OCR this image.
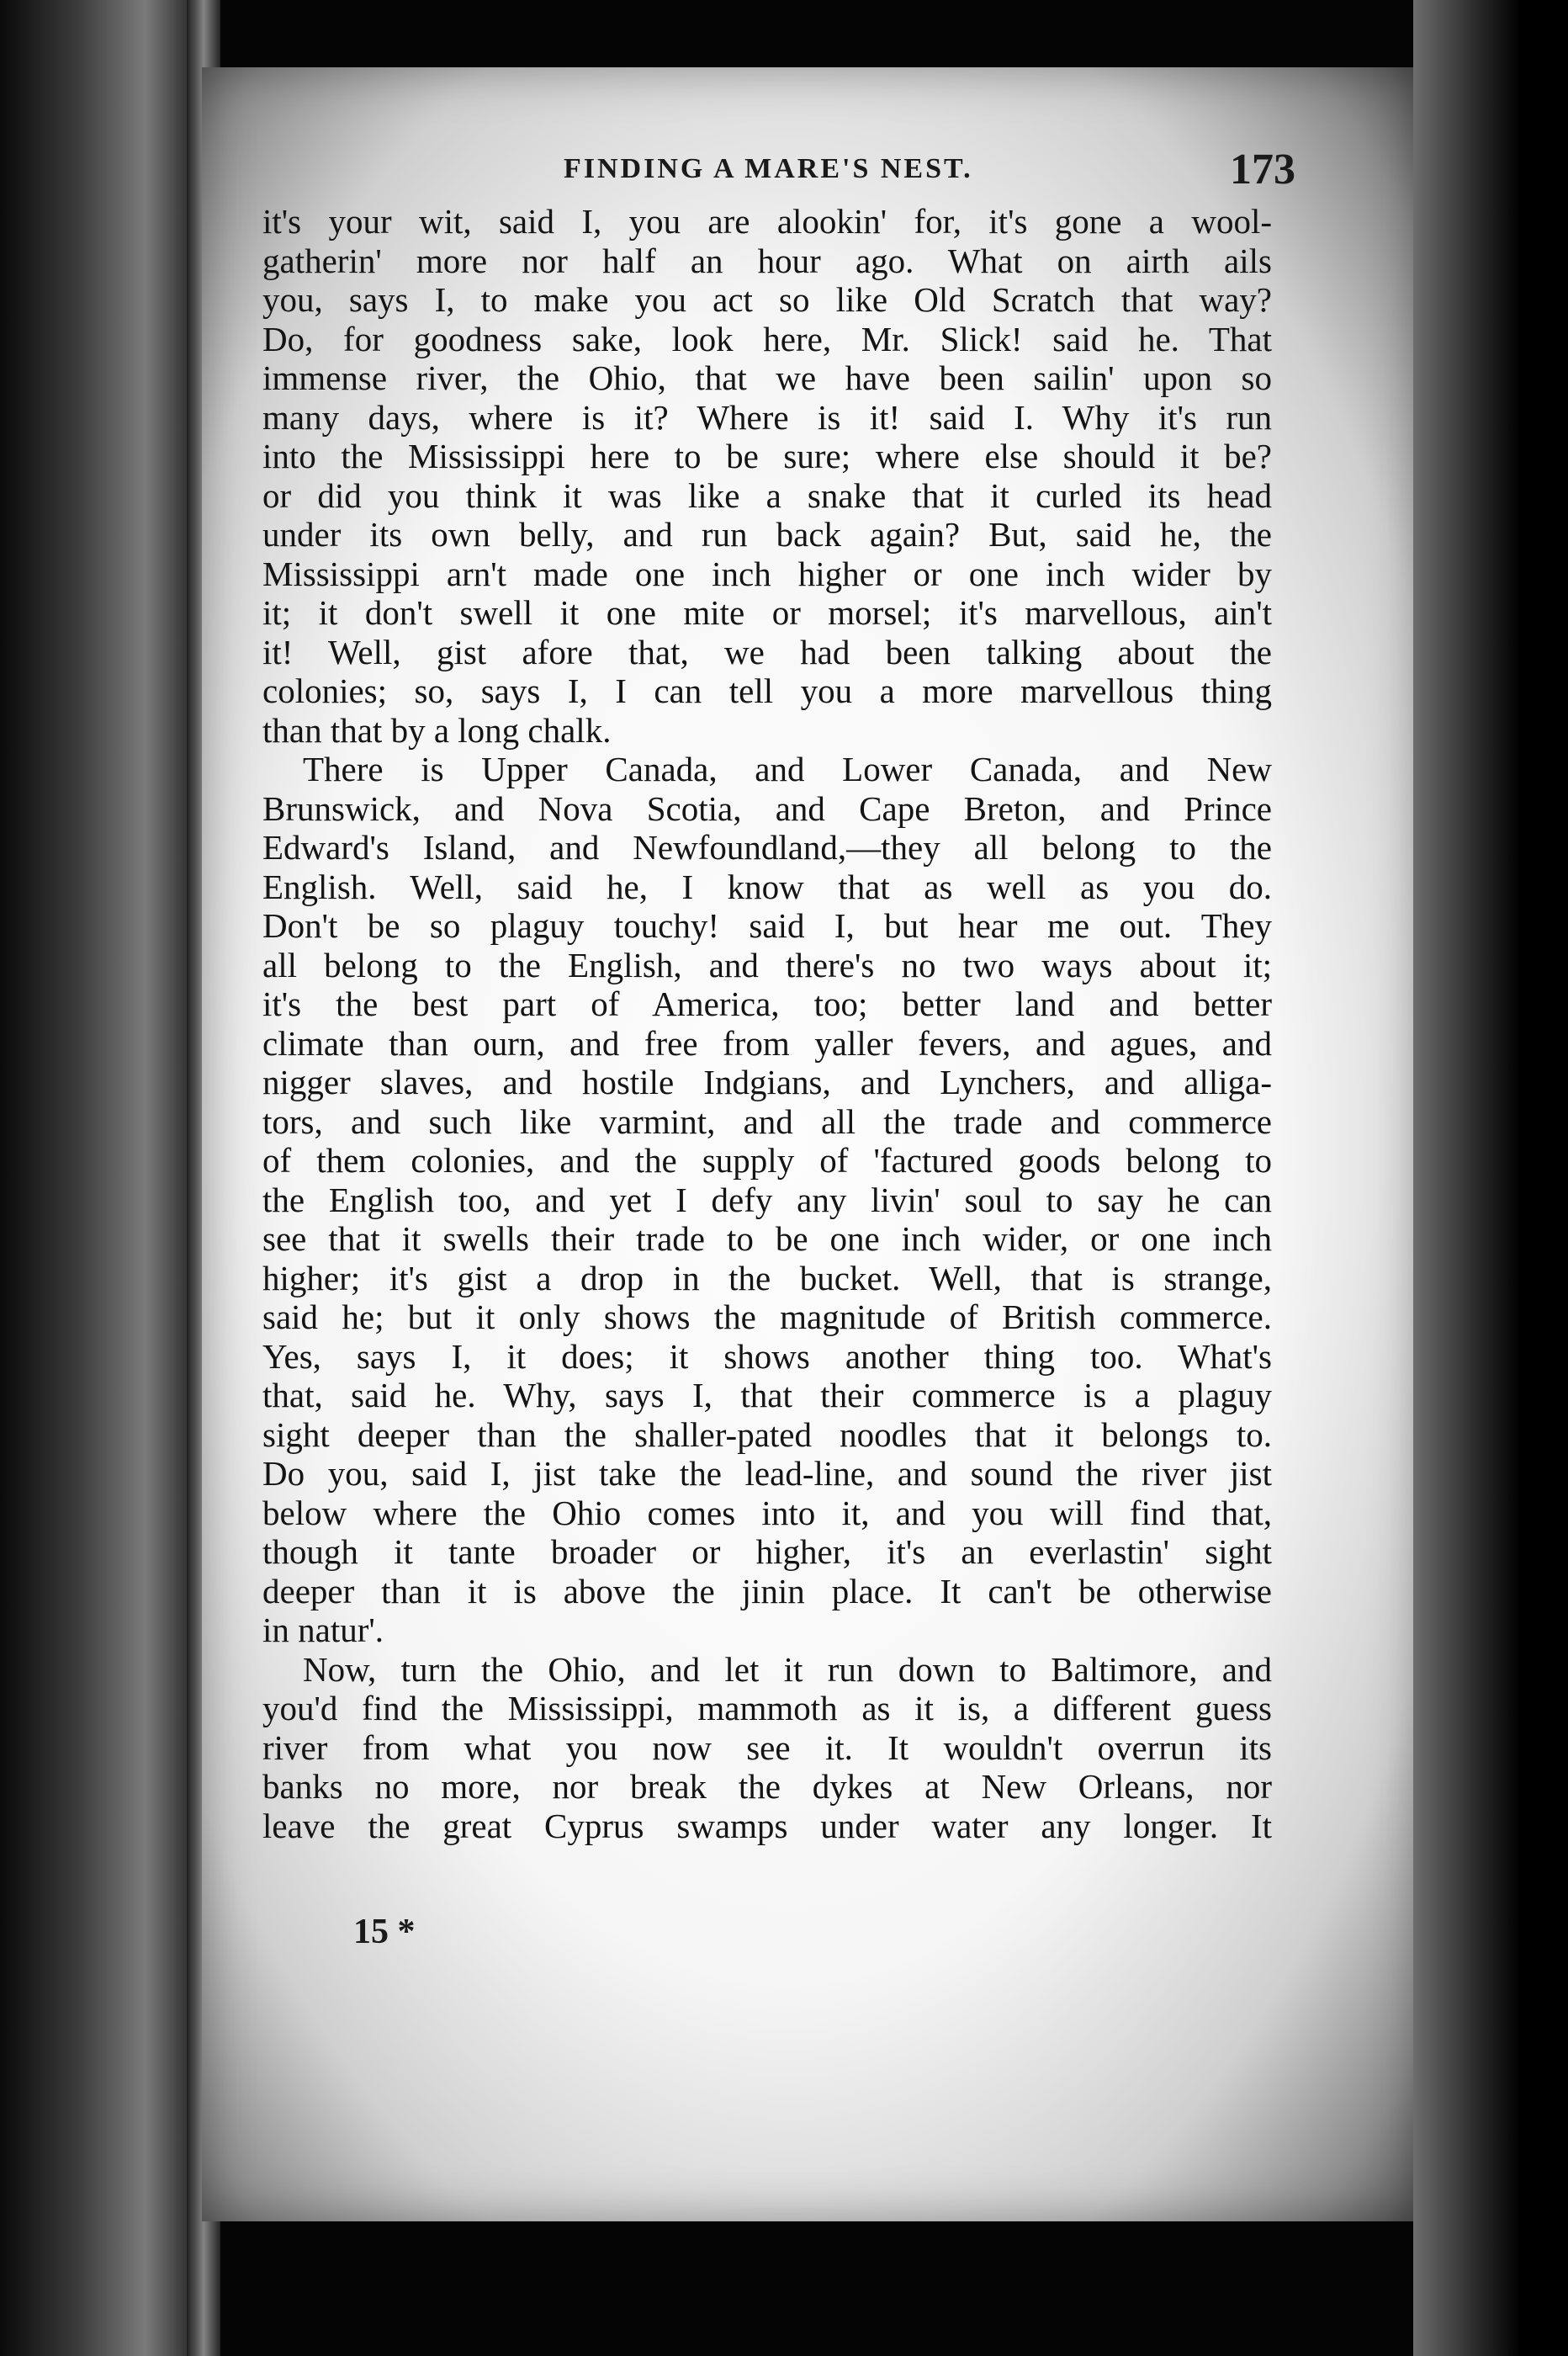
FINDING A MARE'S NEST.	173
it's your wit, said I, you are alookin' for, it's gone a wool-
gatherin' more nor half an hour ago. What on airth ails
you, says I, to make you act so like Old Scratch that way?
Do, for goodness sake, look here, Mr. Slick! said he. That
immense river, the Ohio, that we have been sailin' upon so
many days, where is it? Where is it! said I. Why it's run
into the Mississippi here to be sure; where else should it be?
or did you think it was like a snake that it curled its head
under its own belly, and run back again? But, said he, the
Mississippi arn't made one inch higher or one inch wider by
it; it don't swell it one mite or morsel; it's marvellous, ain't
it! Well, gist afore that, we had been talking about the
colonies; so, says I, I can tell you a more marvellous thing
than that by a long chalk.
There is Upper Canada, and Lower Canada, and New
Brunswick, and Nova Scotia, and Cape Breton, and Prince
Edward's Island, and Newfoundland,—they all belong to the
English. Well, said he, I know that as well as you do.
Don't be so plaguy touchy! said I, but hear me out. They
all belong to the English, and there's no two ways about it;
it's the best part of America, too; better land and better
climate than ourn, and free from yaller fevers, and agues, and
nigger slaves, and hostile Indgians, and Lynchers, and alliga-
tors, and such like varmint, and all the trade and commerce
of them colonies, and the supply of 'factured goods belong to
the English too, and yet I defy any livin' soul to say he can
see that it swells their trade to be one inch wider, or one inch
higher; it's gist a drop in the bucket. Well, that is strange,
said he; but it only shows the magnitude of British commerce.
Yes, says I, it does; it shows another thing too. What's
that, said he. Why, says I, that their commerce is a plaguy
sight deeper than the shaller-pated noodles that it belongs to.
Do you, said I, jist take the lead-line, and sound the river jist
below where the Ohio comes into it, and you will find that,
though it tante broader or higher, it's an everlastin' sight
deeper than it is above the jinin place. It can't be otherwise
in natur'.
Now, turn the Ohio, and let it run down to Baltimore, and
you'd find the Mississippi, mammoth as it is, a different guess
river from what you now see it. It wouldn't overrun its
banks no more, nor break the dykes at New Orleans, nor
leave the great Cyprus swamps under water any longer. It
15 *
